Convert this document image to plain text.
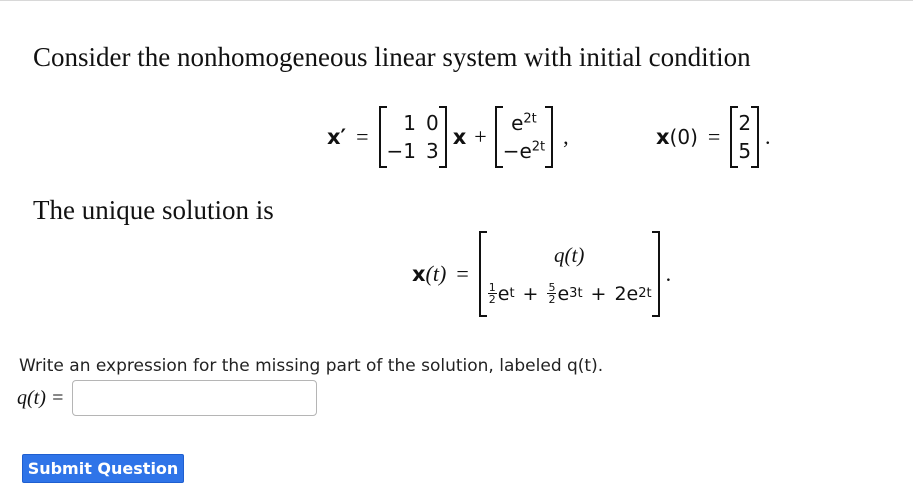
Consider the nonhomogeneous linear system with initial condition
x′ =
1 0
−1 3
x +
$e^{2t}$
$-e^{2t}$ ,	x (0) =
2
5
.
The unique solution is
x (t) =
q(t)
$\frac{1}{2}$ e $t + \frac{5}{2}$ e 3t + 2e 2t
.
Write an expression for the missing part of the solution, labeled q(t).
q(t) =
Submit Question
